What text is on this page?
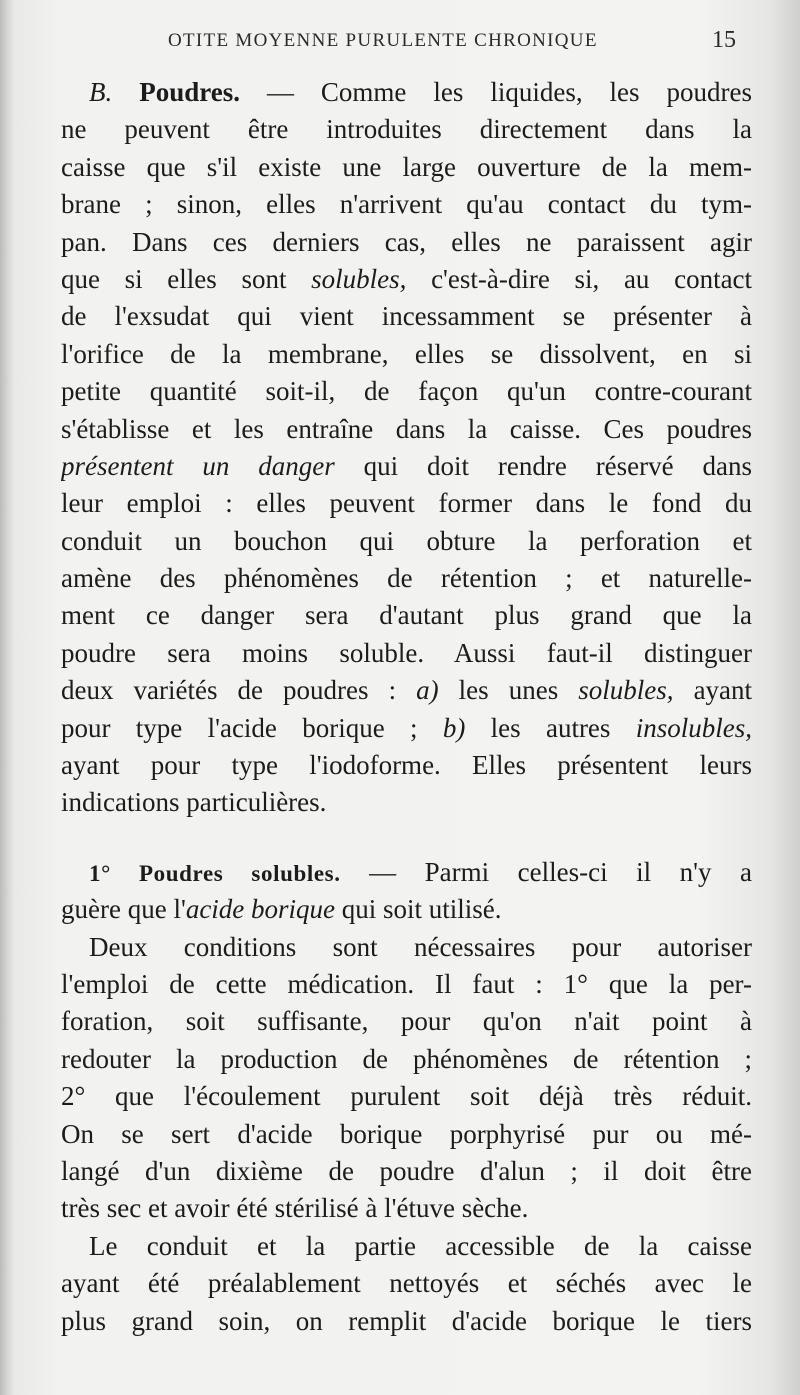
OTITE MOYENNE PURULENTE CHRONIQUE	15
B. Poudres. — Comme les liquides, les poudres
ne peuvent être introduites directement dans la
caisse que s'il existe une large ouverture de la mem-
brane ; sinon, elles n'arrivent qu'au contact du tym-
pan. Dans ces derniers cas, elles ne paraissent agir
que si elles sont solubles, c'est-à-dire si, au contact
de l'exsudat qui vient incessamment se présenter à
l'orifice de la membrane, elles se dissolvent, en si
petite quantité soit-il, de façon qu'un contre-courant
s'établisse et les entraîne dans la caisse. Ces poudres
présentent un danger qui doit rendre réservé dans
leur emploi : elles peuvent former dans le fond du
conduit un bouchon qui obture la perforation et
amène des phénomènes de rétention ; et naturelle-
ment ce danger sera d'autant plus grand que la
poudre sera moins soluble. Aussi faut-il distinguer
deux variétés de poudres : a) les unes solubles, ayant
pour type l'acide borique ; b) les autres insolubles,
ayant pour type l'iodoforme. Elles présentent leurs
indications particulières.
1° Poudres solubles. — Parmi celles-ci il n'y a
guère que l'acide borique qui soit utilisé.
Deux conditions sont nécessaires pour autoriser
l'emploi de cette médication. Il faut : 1° que la per-
foration, soit suffisante, pour qu'on n'ait point à
redouter la production de phénomènes de rétention ;
2° que l'écoulement purulent soit déjà très réduit.
On se sert d'acide borique porphyrisé pur ou mé-
langé d'un dixième de poudre d'alun ; il doit être
très sec et avoir été stérilisé à l'étuve sèche.
Le conduit et la partie accessible de la caisse
ayant été préalablement nettoyés et séchés avec le
plus grand soin, on remplit d'acide borique le tiers
